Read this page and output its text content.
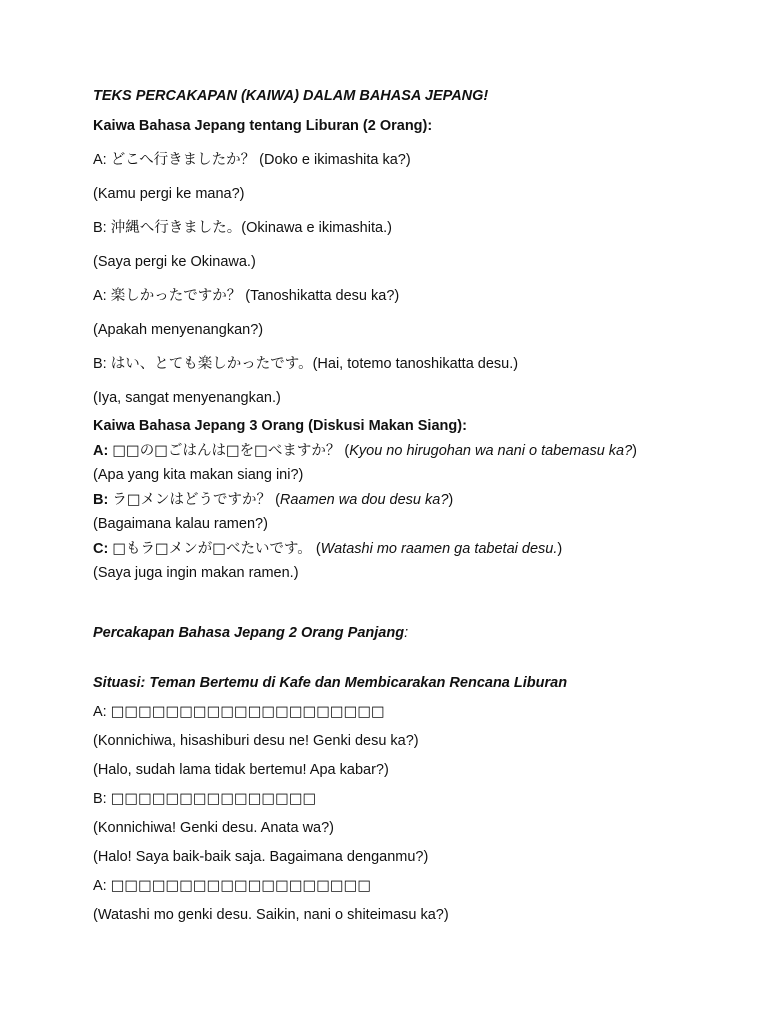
TEKS PERCAKAPAN (KAIWA) DALAM BAHASA JEPANG!

Kaiwa Bahasa Jepang tentang Liburan (2 Orang):

A: どこへ行きましたか？ (Doko e ikimashita ka?)

(Kamu pergi ke mana?)

B: 沖縄へ行きました。(Okinawa e ikimashita.)

(Saya pergi ke Okinawa.)

A: 楽しかったですか？ (Tanoshikatta desu ka?)

(Apakah menyenangkan?)

B: はい、とても楽しかったです。(Hai, totemo tanoshikatta desu.)

(Iya, sangat menyenangkan.)

Kaiwa Bahasa Jepang 3 Orang (Diskusi Makan Siang):

A: □□の□ごはんは□を□べますか？ (Kyou no hirugohan wa nani o tabemasu ka?)

(Apa yang kita makan siang ini?)

B: ラ□メンはどうですか？ (Raamen wa dou desu ka?)

(Bagaimana kalau ramen?)

C: □もラ□メンが□べたいです。 (Watashi mo raamen ga tabetai desu.)

(Saya juga ingin makan ramen.)

Percakapan Bahasa Jepang 2 Orang Panjang:

Situasi: Teman Bertemu di Kafe dan Membicarakan Rencana Liburan

A: □□□□□□□□□□□□□□□□□□□□

(Konnichiwa, hisashiburi desu ne! Genki desu ka?)

(Halo, sudah lama tidak bertemu! Apa kabar?)

B: □□□□□□□□□□□□□□□

(Konnichiwa! Genki desu. Anata wa?)

(Halo! Saya baik-baik saja. Bagaimana denganmu?)

A: □□□□□□□□□□□□□□□□□□□

(Watashi mo genki desu. Saikin, nani o shiteimasu ka?)
